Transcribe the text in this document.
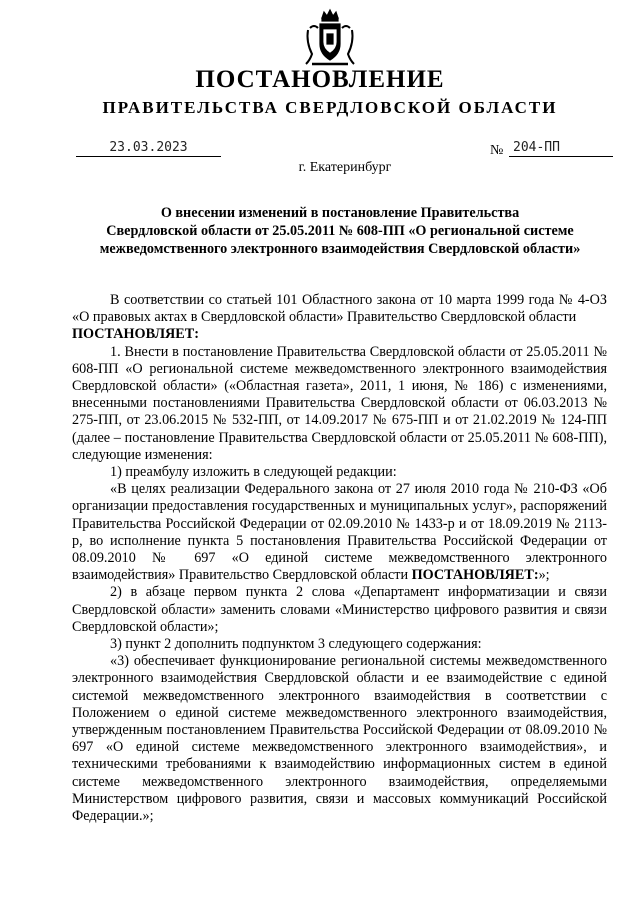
ПОСТАНОВЛЕНИЕ
ПРАВИТЕЛЬСТВА СВЕРДЛОВСКОЙ ОБЛАСТИ
23.03.2023	№ 204-ПП
г. Екатеринбург
О внесении изменений в постановление Правительства
Свердловской области от 25.05.2011 № 608-ПП «О региональной системе
межведомственного электронного взаимодействия Свердловской области»

В соответствии со статьей 101 Областного закона от 10 марта 1999 года № 4-ОЗ «О правовых актах в Свердловской области» Правительство Свердловской области

ПОСТАНОВЛЯЕТ:

1. Внести в постановление Правительства Свердловской области от 25.05.2011 № 608-ПП «О региональной системе межведомственного электронного взаимодействия Свердловской области» («Областная газета», 2011, 1 июня, № 186) с изменениями, внесенными постановлениями Правительства Свердловской области от 06.03.2013 № 275-ПП, от 23.06.2015 № 532-ПП, от 14.09.2017 № 675-ПП и от 21.02.2019 № 124-ПП (далее – постановление Правительства Свердловской области от 25.05.2011 № 608-ПП), следующие изменения:

1) преамбулу изложить в следующей редакции:

«В целях реализации Федерального закона от 27 июля 2010 года № 210-ФЗ «Об организации предоставления государственных и муниципальных услуг», распоряжений Правительства Российской Федерации от 02.09.2010 № 1433-р и от 18.09.2019 № 2113-р, во исполнение пункта 5 постановления Правительства Российской Федерации от 08.09.2010 № 697 «О единой системе межведомственного электронного взаимодействия» Правительство Свердловской области ПОСТАНОВЛЯЕТ:»;

2) в абзаце первом пункта 2 слова «Департамент информатизации и связи Свердловской области» заменить словами «Министерство цифрового развития и связи Свердловской области»;

3) пункт 2 дополнить подпунктом 3 следующего содержания:

«3) обеспечивает функционирование региональной системы межведомственного электронного взаимодействия Свердловской области и ее взаимодействие с единой системой межведомственного электронного взаимодействия в соответствии с Положением о единой системе межведомственного электронного взаимодействия, утвержденным постановлением Правительства Российской Федерации от 08.09.2010 № 697 «О единой системе межведомственного электронного взаимодействия», и техническими требованиями к взаимодействию информационных систем в единой системе межведомственного электронного взаимодействия, определяемыми Министерством цифрового развития, связи и массовых коммуникаций Российской Федерации.»;
